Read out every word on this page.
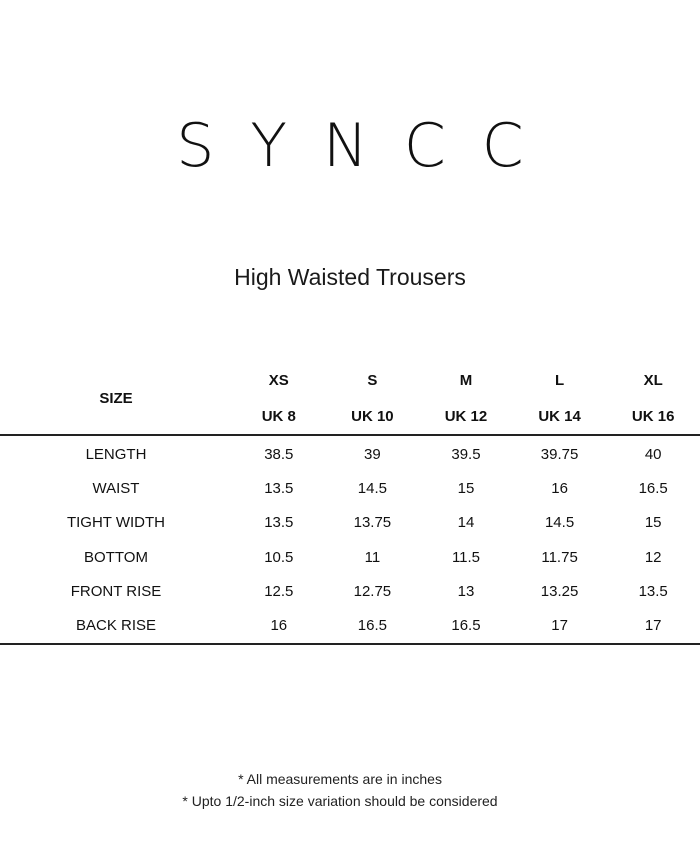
SYNCC
High Waisted Trousers
SIZE	XS	S	M	L	XL
	UK 8	UK 10	UK 12	UK 14	UK 16
LENGTH	38.5	39	39.5	39.75	40
WAIST	13.5	14.5	15	16	16.5
TIGHT WIDTH	13.5	13.75	14	14.5	15
BOTTOM	10.5	11	11.5	11.75	12
FRONT RISE	12.5	12.75	13	13.25	13.5
BACK RISE	16	16.5	16.5	17	17
* All measurements are in inches
* Upto 1/2-inch size variation should be considered
